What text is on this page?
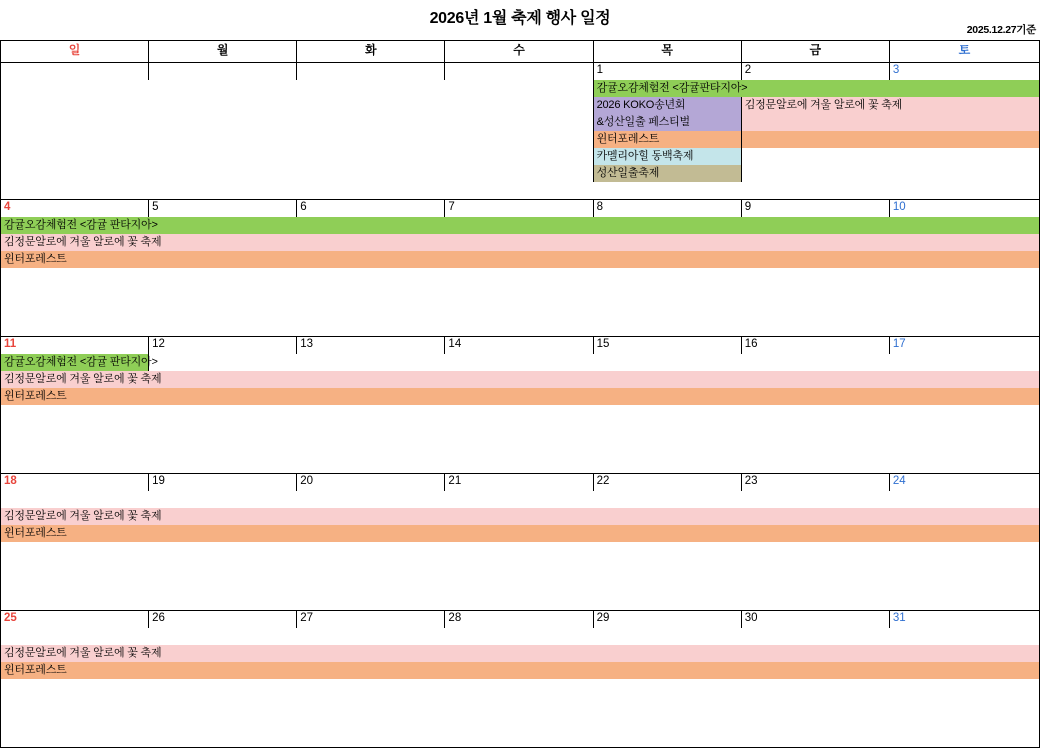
2026년 1월 축제 행사 일정
2025.12.27기준
일	월	화	수	목	금	토

				1	2	3

				감귤오감체험전 <감귤판타지아>		

				2026 KOKO송년회	김정문알로에 겨울 알로에 꽃 축제	

				&성산일출 페스티벌		

				윈터포레스트		

				카멜리아힐 동백축제		

				성산일출축제		

4	5	6	7	8	9	10

감귤오감체험전 <감귤 판타지아>						

김정문알로에 겨울 알로에 꽃 축제						

윈터포레스트						

11	12	13	14	15	16	17

감귤오감체험전 <감귤 판타지아>						

김정문알로에 겨울 알로에 꽃 축제						

윈터포레스트						

18	19	20	21	22	23	24

김정문알로에 겨울 알로에 꽃 축제						

윈터포레스트						

25	26	27	28	29	30	31

김정문알로에 겨울 알로에 꽃 축제						

윈터포레스트						
